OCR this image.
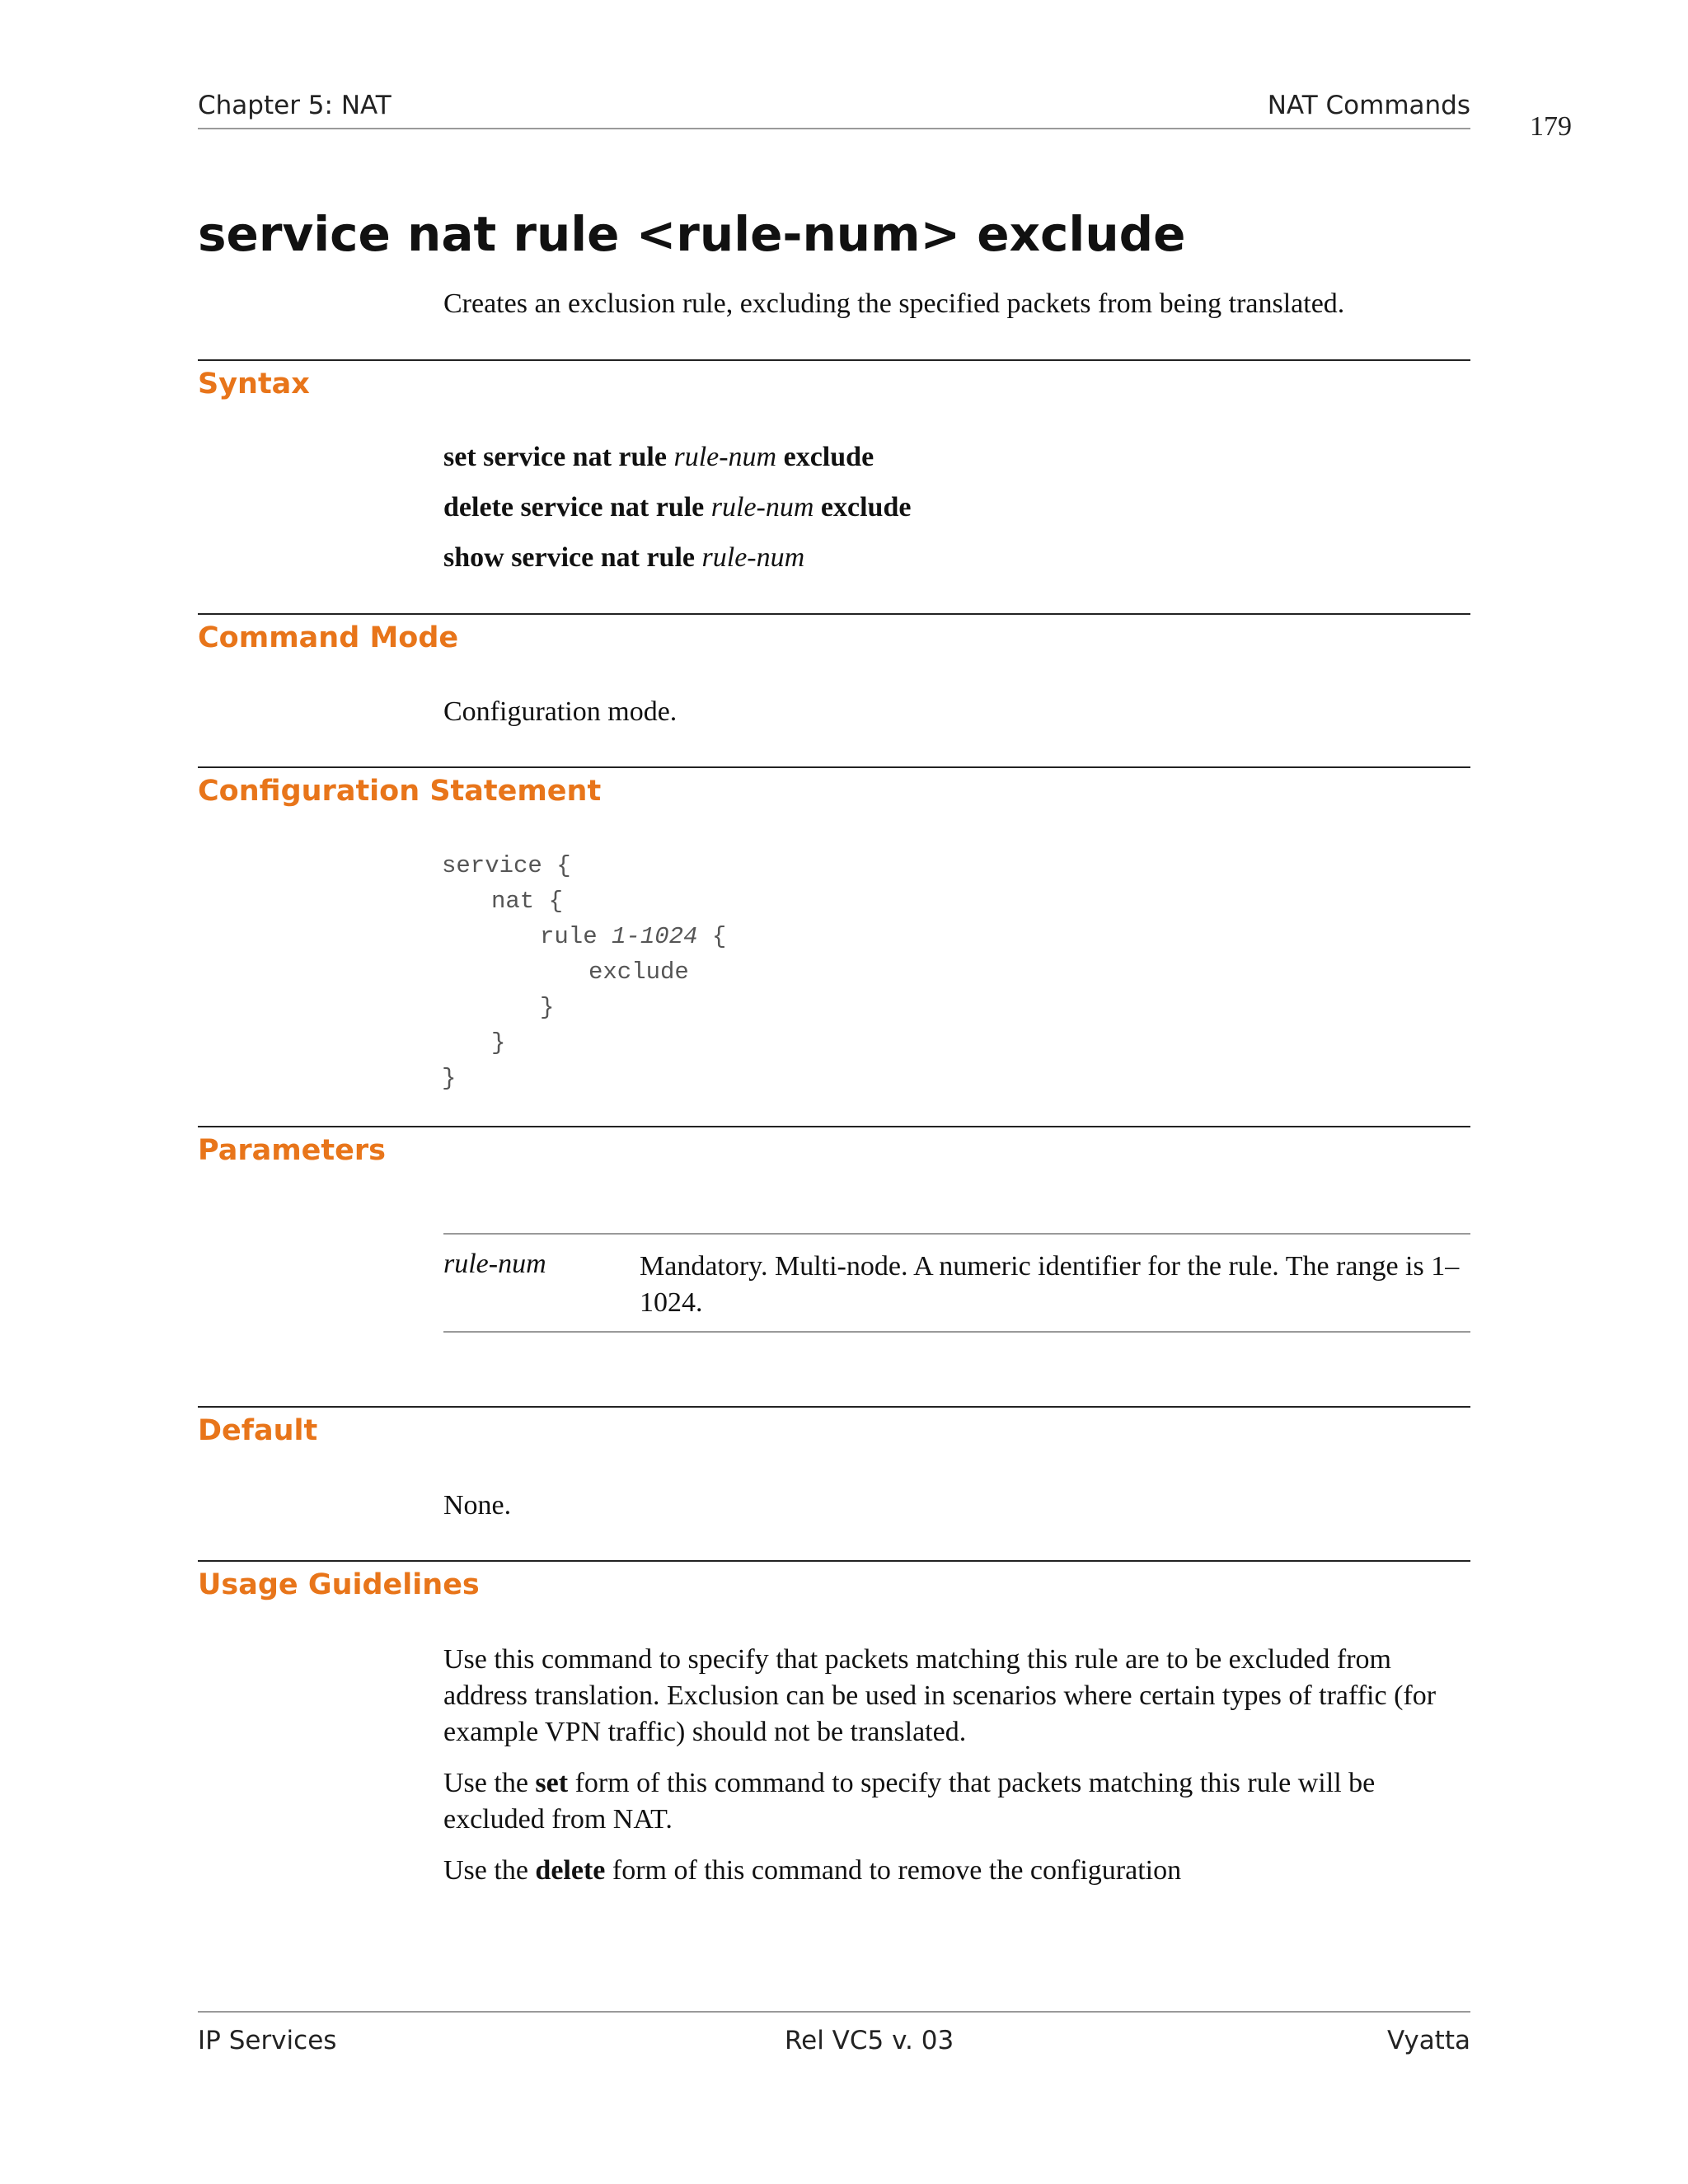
Chapter 5: NAT	NAT Commands
179
service nat rule <rule-num> exclude
Creates an exclusion rule, excluding the specified packets from being translated.
Syntax
set service nat rule rule-num exclude
delete service nat rule rule-num exclude
show service nat rule rule-num
Command Mode
Configuration mode.
Configuration Statement
service {
nat {
rule 1-1024 {
exclude
}
}
}
Parameters
rule-num	Mandatory. Multi-node. A numeric identifier for the rule. The range is 1–1024.
Default
None.
Usage Guidelines
Use this command to specify that packets matching this rule are to be excluded from address translation. Exclusion can be used in scenarios where certain types of traffic (for example VPN traffic) should not be translated.
Use the set form of this command to specify that packets matching this rule will be excluded from NAT.
Use the delete form of this command to remove the configuration
IP Services	Rel VC5 v. 03	Vyatta
